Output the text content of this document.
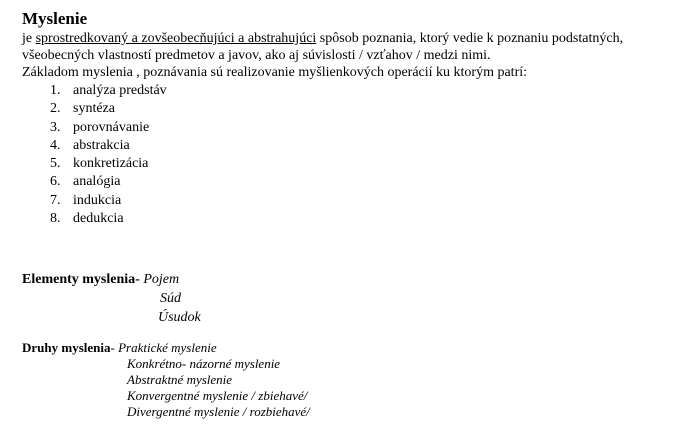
Myslenie

je sprostredkovaný a zovšeobecňujúci a abstrahujúci spôsob poznania, ktorý vedie k poznaniu podstatných, všeobecných vlastností predmetov a javov, ako aj súvislosti / vzťahov / medzi nimi.

Základom myslenia , poznávania sú realizovanie myšlienkových operácií ku ktorým patrí:

1. analýza predstáv
2. syntéza
3. porovnávanie
4. abstrakcia
5. konkretizácia
6. analógia
7. indukcia
8. dedukcia
Elementy myslenia- Pojem
Súd
Úsudok
Druhy myslenia- Praktické myslenie
Konkrétno- názorné myslenie
Abstraktné myslenie
Konvergentné myslenie / zbiehavé/
Divergentné myslenie / rozbiehavé/
